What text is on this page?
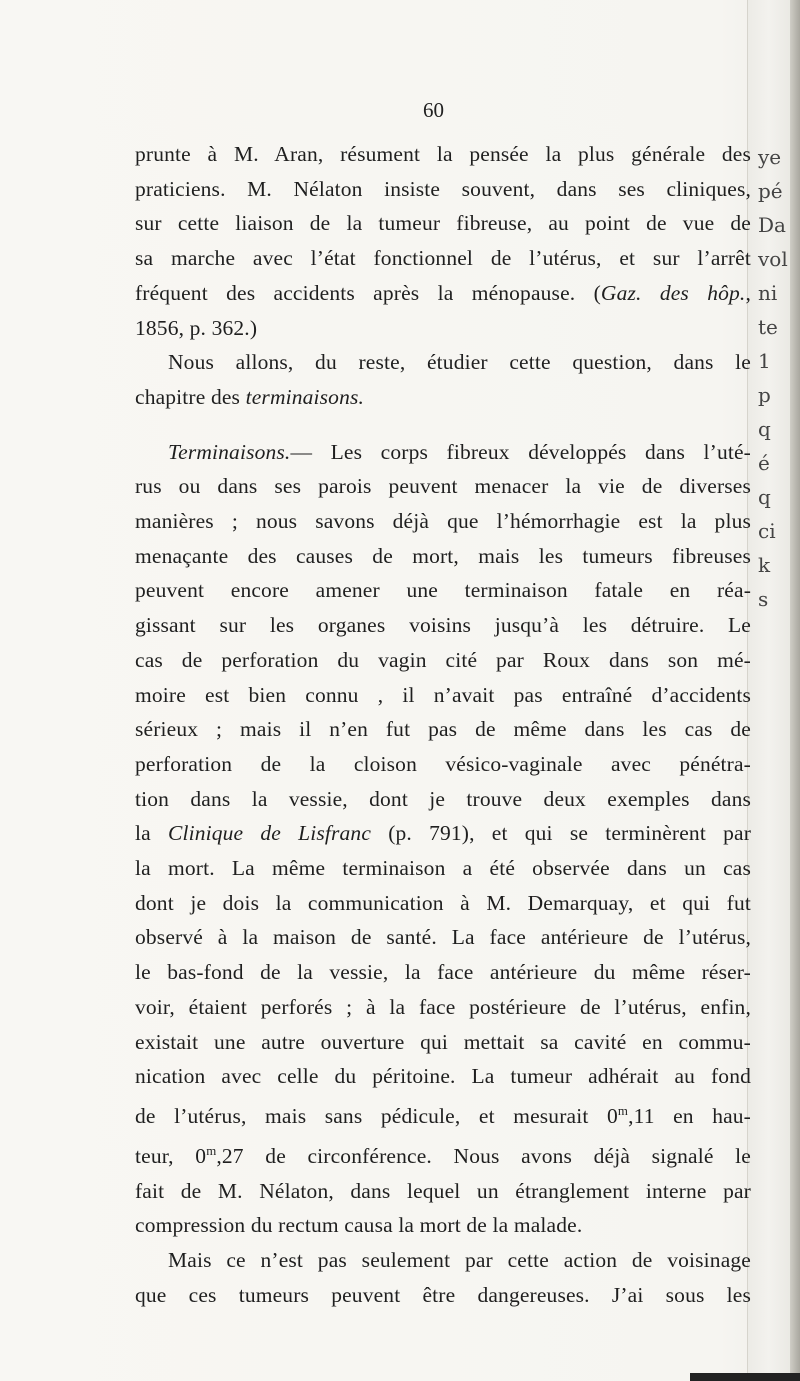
ye
pé
Da
vol
ni
te
1
p
q
é
q
ci
k
s
60

prunte à M. Aran, résument la pensée la plus générale des
praticiens. M. Nélaton insiste souvent, dans ses cliniques,
sur cette liaison de la tumeur fibreuse, au point de vue de
sa marche avec l’état fonctionnel de l’utérus, et sur l’arrêt
fréquent des accidents après la ménopause. (Gaz. des hôp.,
1856, p. 362.)

Nous allons, du reste, étudier cette question, dans le
chapitre des terminaisons.

Terminaisons.— Les corps fibreux développés dans l’uté-
rus ou dans ses parois peuvent menacer la vie de diverses
manières ; nous savons déjà que l’hémorrhagie est la plus
menaçante des causes de mort, mais les tumeurs fibreuses
peuvent encore amener une terminaison fatale en réa-
gissant sur les organes voisins jusqu’à les détruire. Le
cas de perforation du vagin cité par Roux dans son mé-
moire est bien connu , il n’avait pas entraîné d’accidents
sérieux ; mais il n’en fut pas de même dans les cas de
perforation de la cloison vésico-vaginale avec pénétra-
tion dans la vessie, dont je trouve deux exemples dans
la Clinique de Lisfranc (p. 791), et qui se terminèrent par
la mort. La même terminaison a été observée dans un cas
dont je dois la communication à M. Demarquay, et qui fut
observé à la maison de santé. La face antérieure de l’utérus,
le bas-fond de la vessie, la face antérieure du même réser-
voir, étaient perforés ; à la face postérieure de l’utérus, enfin,
existait une autre ouverture qui mettait sa cavité en commu-
nication avec celle du péritoine. La tumeur adhérait au fond
de l’utérus, mais sans pédicule, et mesurait 0$^m$,11 en hau-
teur, 0$^m$,27 de circonférence. Nous avons déjà signalé le
fait de M. Nélaton, dans lequel un étranglement interne par
compression du rectum causa la mort de la malade.

Mais ce n’est pas seulement par cette action de voisinage
que ces tumeurs peuvent être dangereuses. J’ai sous les
